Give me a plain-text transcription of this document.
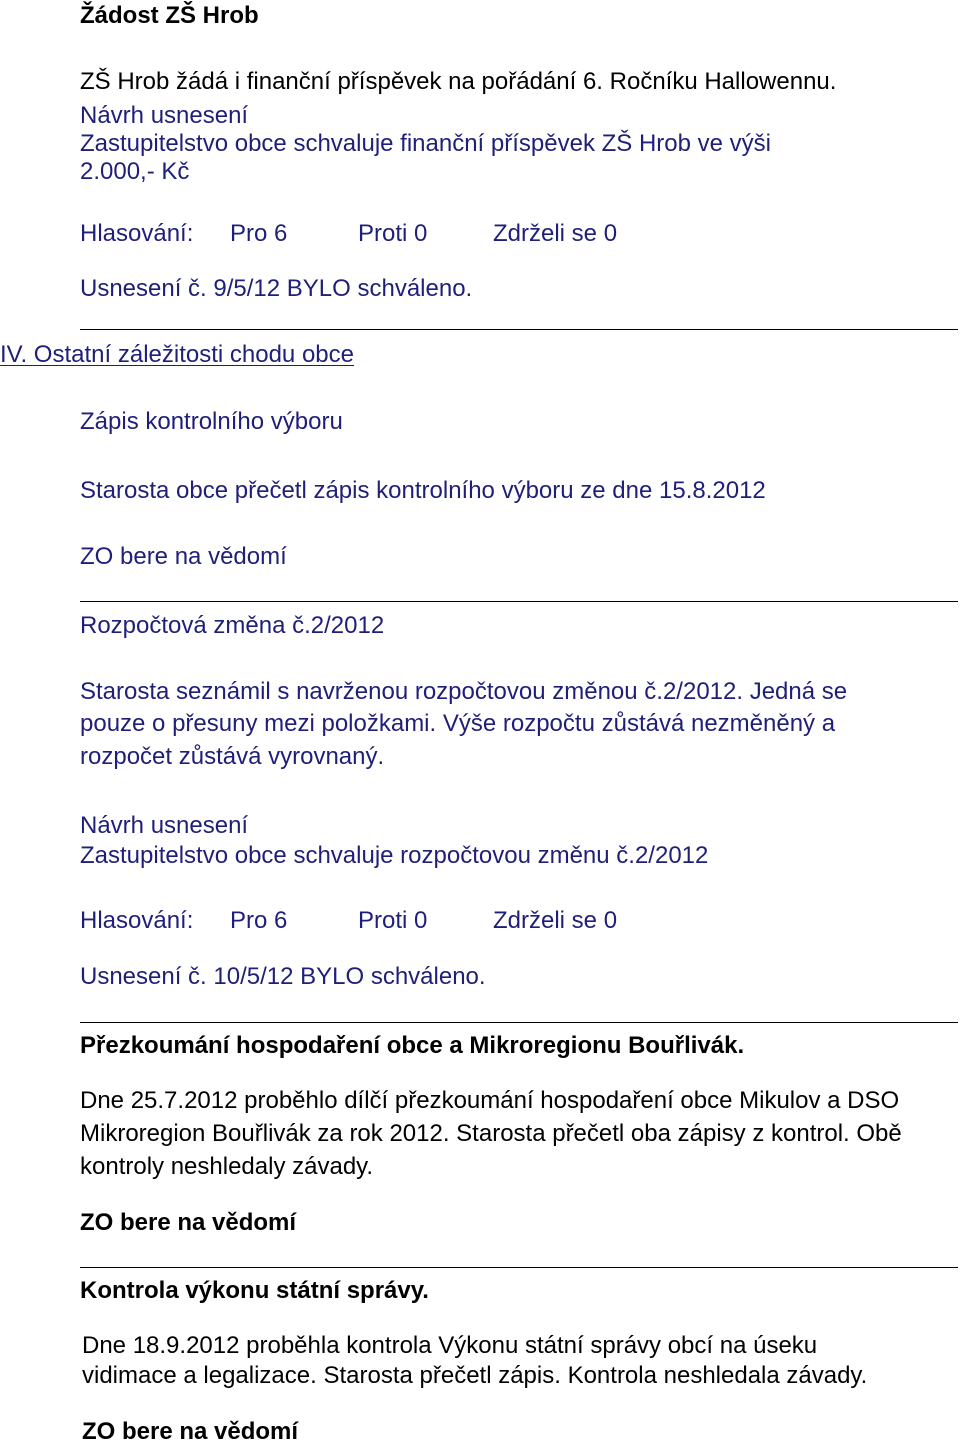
Žádost ZŠ Hrob
ZŠ Hrob žádá i finanční příspěvek na pořádání 6. Ročníku Hallowennu.
Návrh usnesení
Zastupitelstvo obce schvaluje finanční příspěvek ZŠ Hrob ve výši
2.000,- Kč
Hlasování: Pro 6	Proti 0	Zdrželi se 0
Usnesení č. 9/5/12 BYLO schváleno.
IV. Ostatní záležitosti chodu obce
Zápis kontrolního výboru
Starosta obce přečetl zápis kontrolního výboru ze dne 15.8.2012
ZO bere na vědomí
Rozpočtová změna č.2/2012
Starosta seznámil s navrženou rozpočtovou změnou č.2/2012. Jedná se
pouze o přesuny mezi položkami. Výše rozpočtu zůstává nezměněný a
rozpočet zůstává vyrovnaný.
Návrh usnesení
Zastupitelstvo obce schvaluje rozpočtovou změnu č.2/2012
Hlasování: Pro 6	Proti 0	Zdrželi se 0
Usnesení č. 10/5/12 BYLO schváleno.
Přezkoumání hospodaření obce a Mikroregionu Bouřlivák.
Dne 25.7.2012 proběhlo dílčí přezkoumání hospodaření obce Mikulov a DSO
Mikroregion Bouřlivák za rok 2012. Starosta přečetl oba zápisy z kontrol. Obě
kontroly neshledaly závady.
ZO bere na vědomí
Kontrola výkonu státní správy.
Dne 18.9.2012 proběhla kontrola Výkonu státní správy obcí na úseku
vidimace a legalizace. Starosta přečetl zápis. Kontrola neshledala závady.
ZO bere na vědomí
